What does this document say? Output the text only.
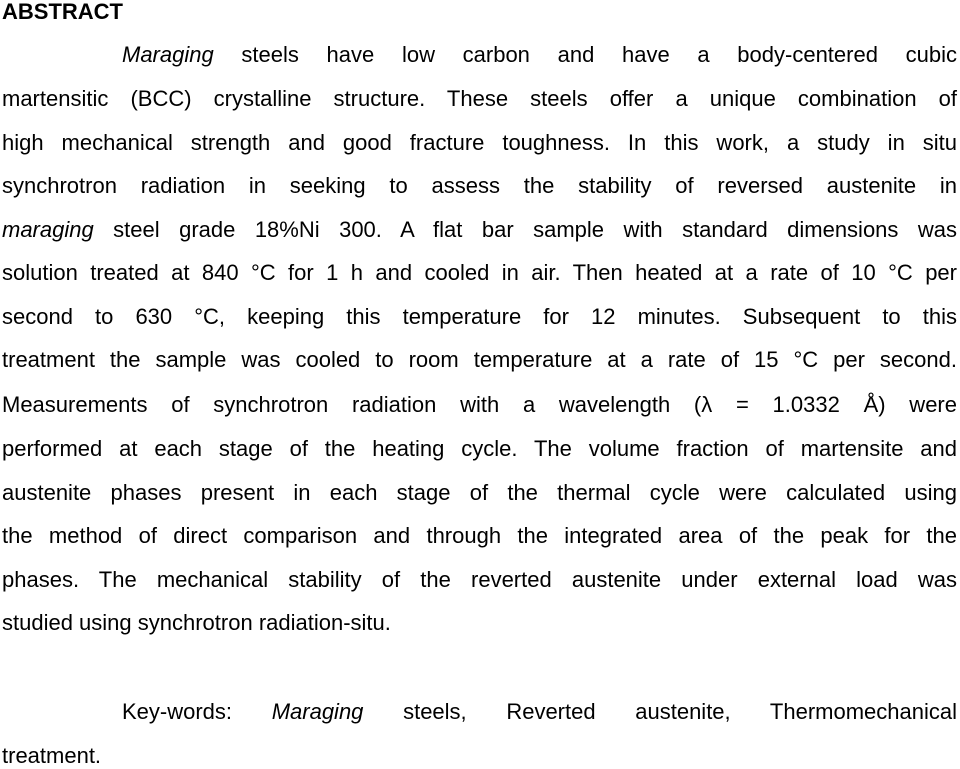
ABSTRACT
Maraging steels have low carbon and have a body-centered cubic
martensitic (BCC) crystalline structure. These steels offer a unique combination of
high mechanical strength and good fracture toughness. In this work, a study in situ
synchrotron radiation in seeking to assess the stability of reversed austenite in
maraging steel grade 18%Ni 300. A flat bar sample with standard dimensions was
solution treated at 840 °C for 1 h and cooled in air. Then heated at a rate of 10 °C per
second to 630 °C, keeping this temperature for 12 minutes. Subsequent to this
treatment the sample was cooled to room temperature at a rate of 15 °C per second.
Measurements of synchrotron radiation with a wavelength (λ = 1.0332 Å) were
performed at each stage of the heating cycle. The volume fraction of martensite and
austenite phases present in each stage of the thermal cycle were calculated using
the method of direct comparison and through the integrated area of the peak for the
phases. The mechanical stability of the reverted austenite under external load was
studied using synchrotron radiation-situ.
Key-words: Maraging steels, Reverted austenite, Thermomechanical
treatment.
